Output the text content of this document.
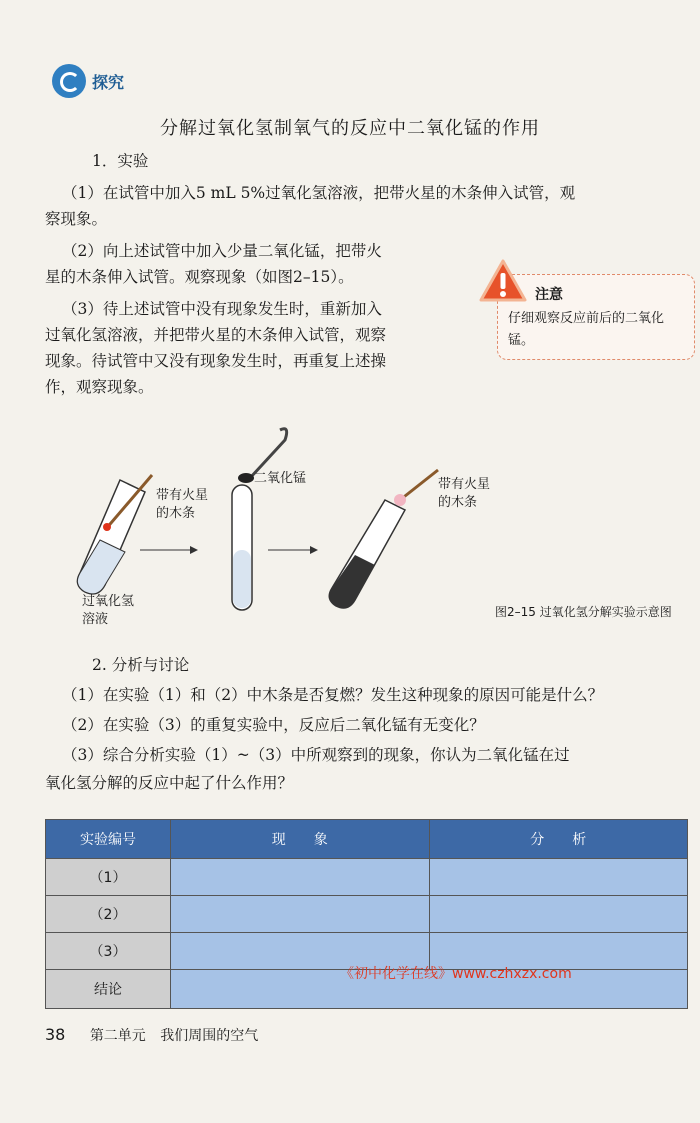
探究
分解过氧化氢制氧气的反应中二氧化锰的作用
1．实验
（1）在试管中加入5 mL 5%过氧化氢溶液，把带火星的木条伸入试管，观
察现象。
（2）向上述试管中加入少量二氧化锰，把带火
星的木条伸入试管。观察现象（如图2–15）。
（3）待上述试管中没有现象发生时，重新加入
过氧化氢溶液，并把带火星的木条伸入试管，观察
现象。待试管中又没有现象发生时，再重复上述操
作，观察现象。
注意
仔细观察反应前后的二氧化锰。
带有火星
的木条
二氧化锰	带有火星
的木条
过氧化氢
溶液	图2–15 过氧化氢分解实验示意图
2. 分析与讨论
（1）在实验（1）和（2）中木条是否复燃？发生这种现象的原因可能是什么？
（2）在实验（3）的重复实验中，反应后二氧化锰有无变化？
（3）综合分析实验（1）~（3）中所观察到的现象，你认为二氧化锰在过
氧化氢分解的反应中起了什么作用？
实验编号	现　　象	分　　析
（1）		
（2）		
（3）		
结论		
《初中化学在线》www.czhxzx.com
38 第二单元 我们周围的空气
